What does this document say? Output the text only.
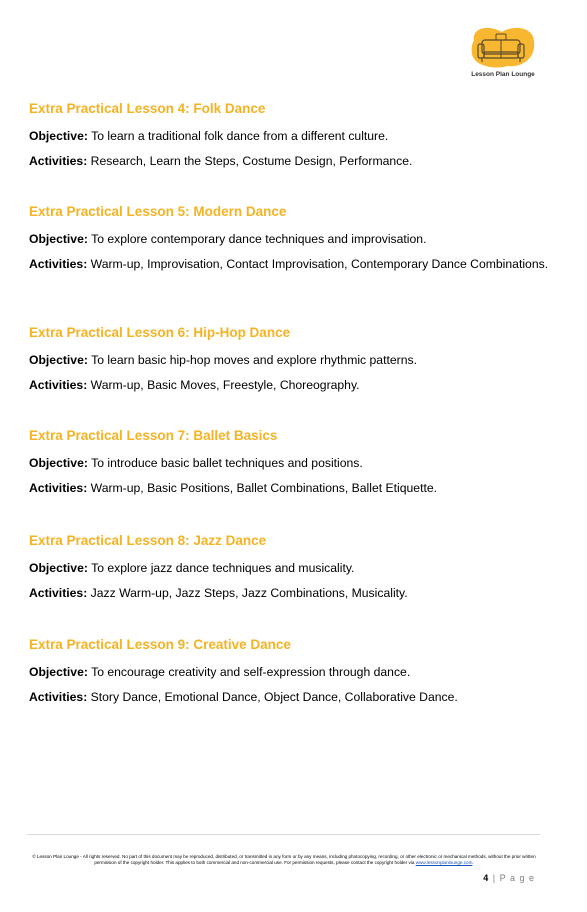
Lesson Plan Lounge

Extra Practical Lesson 4: Folk Dance

Objective: To learn a traditional folk dance from a different culture.

Activities: Research, Learn the Steps, Costume Design, Performance.

Extra Practical Lesson 5: Modern Dance

Objective: To explore contemporary dance techniques and improvisation.

Activities: Warm-up, Improvisation, Contact Improvisation, Contemporary Dance Combinations.

Extra Practical Lesson 6: Hip-Hop Dance

Objective: To learn basic hip-hop moves and explore rhythmic patterns.

Activities: Warm-up, Basic Moves, Freestyle, Choreography.

Extra Practical Lesson 7: Ballet Basics

Objective: To introduce basic ballet techniques and positions.

Activities: Warm-up, Basic Positions, Ballet Combinations, Ballet Etiquette.

Extra Practical Lesson 8: Jazz Dance

Objective: To explore jazz dance techniques and musicality.

Activities: Jazz Warm-up, Jazz Steps, Jazz Combinations, Musicality.

Extra Practical Lesson 9: Creative Dance

Objective: To encourage creativity and self-expression through dance.

Activities: Story Dance, Emotional Dance, Object Dance, Collaborative Dance.

© Lesson Plan Lounge - All rights reserved. No part of this document may be reproduced, distributed, or transmitted in any form or by any means, including photocopying, recording, or other electronic or mechanical methods, without the prior written permission of the copyright holder. This applies to both commercial and non-commercial use. For permission requests, please contact the copyright holder via www.lessonplanlounge.com.
4 | P a g e
